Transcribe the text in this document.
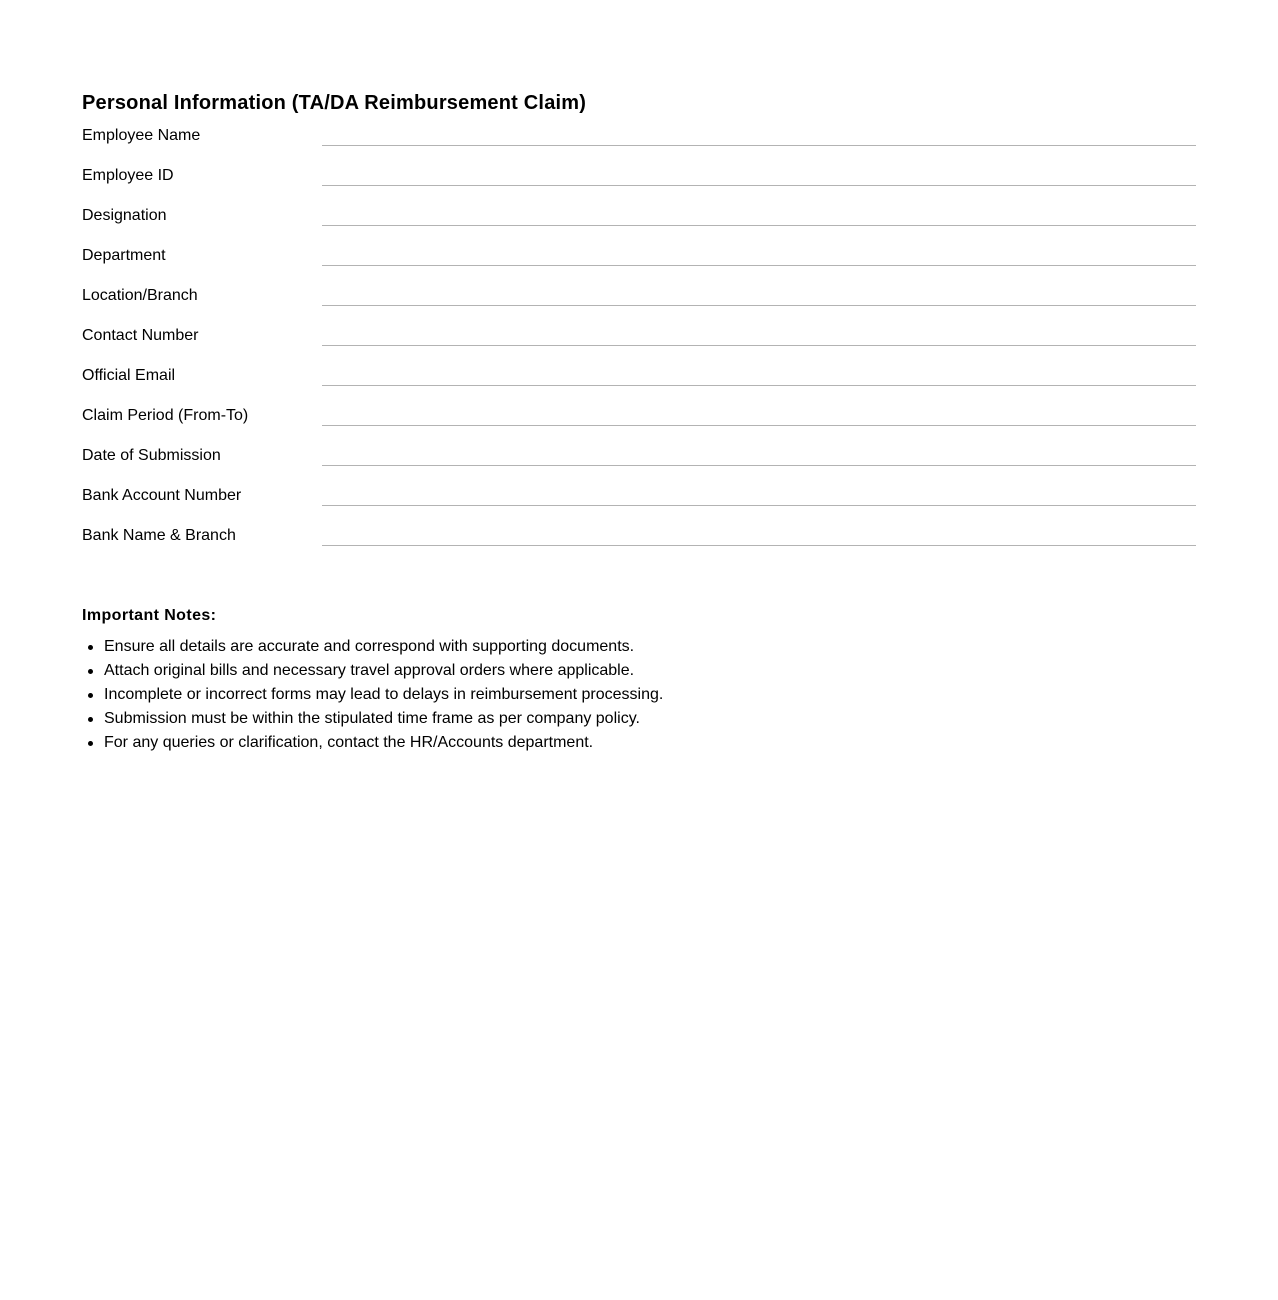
Personal Information (TA/DA Reimbursement Claim)
Employee Name
Employee ID
Designation
Department
Location/Branch
Contact Number
Official Email
Claim Period (From-To)
Date of Submission
Bank Account Number
Bank Name & Branch
Important Notes:
Ensure all details are accurate and correspond with supporting documents.
Attach original bills and necessary travel approval orders where applicable.
Incomplete or incorrect forms may lead to delays in reimbursement processing.
Submission must be within the stipulated time frame as per company policy.
For any queries or clarification, contact the HR/Accounts department.
